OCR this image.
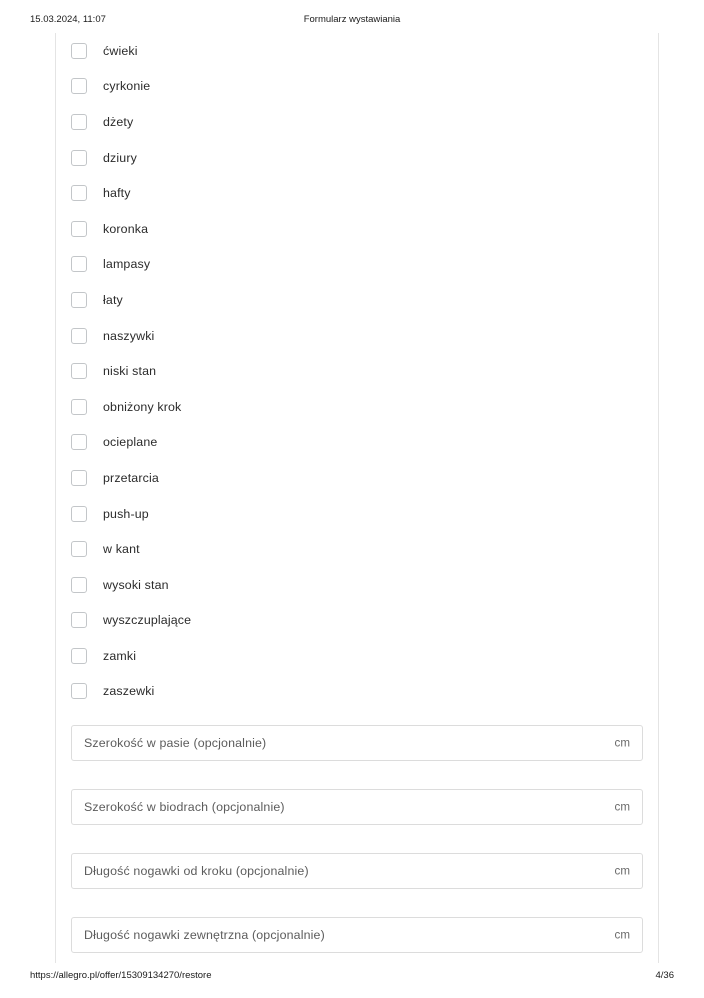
15.03.2024, 11:07	Formularz wystawiania
ćwieki
cyrkonie
dżety
dziury
hafty
koronka
lampasy
łaty
naszywki
niski stan
obniżony krok
ocieplane
przetarcia
push-up
w kant
wysoki stan
wyszczuplające
zamki
zaszewki
Szerokość w pasie (opcjonalnie)	cm
Szerokość w biodrach (opcjonalnie)	cm
Długość nogawki od kroku (opcjonalnie)	cm
Długość nogawki zewnętrzna (opcjonalnie)	cm
https://allegro.pl/offer/15309134270/restore	4/36
